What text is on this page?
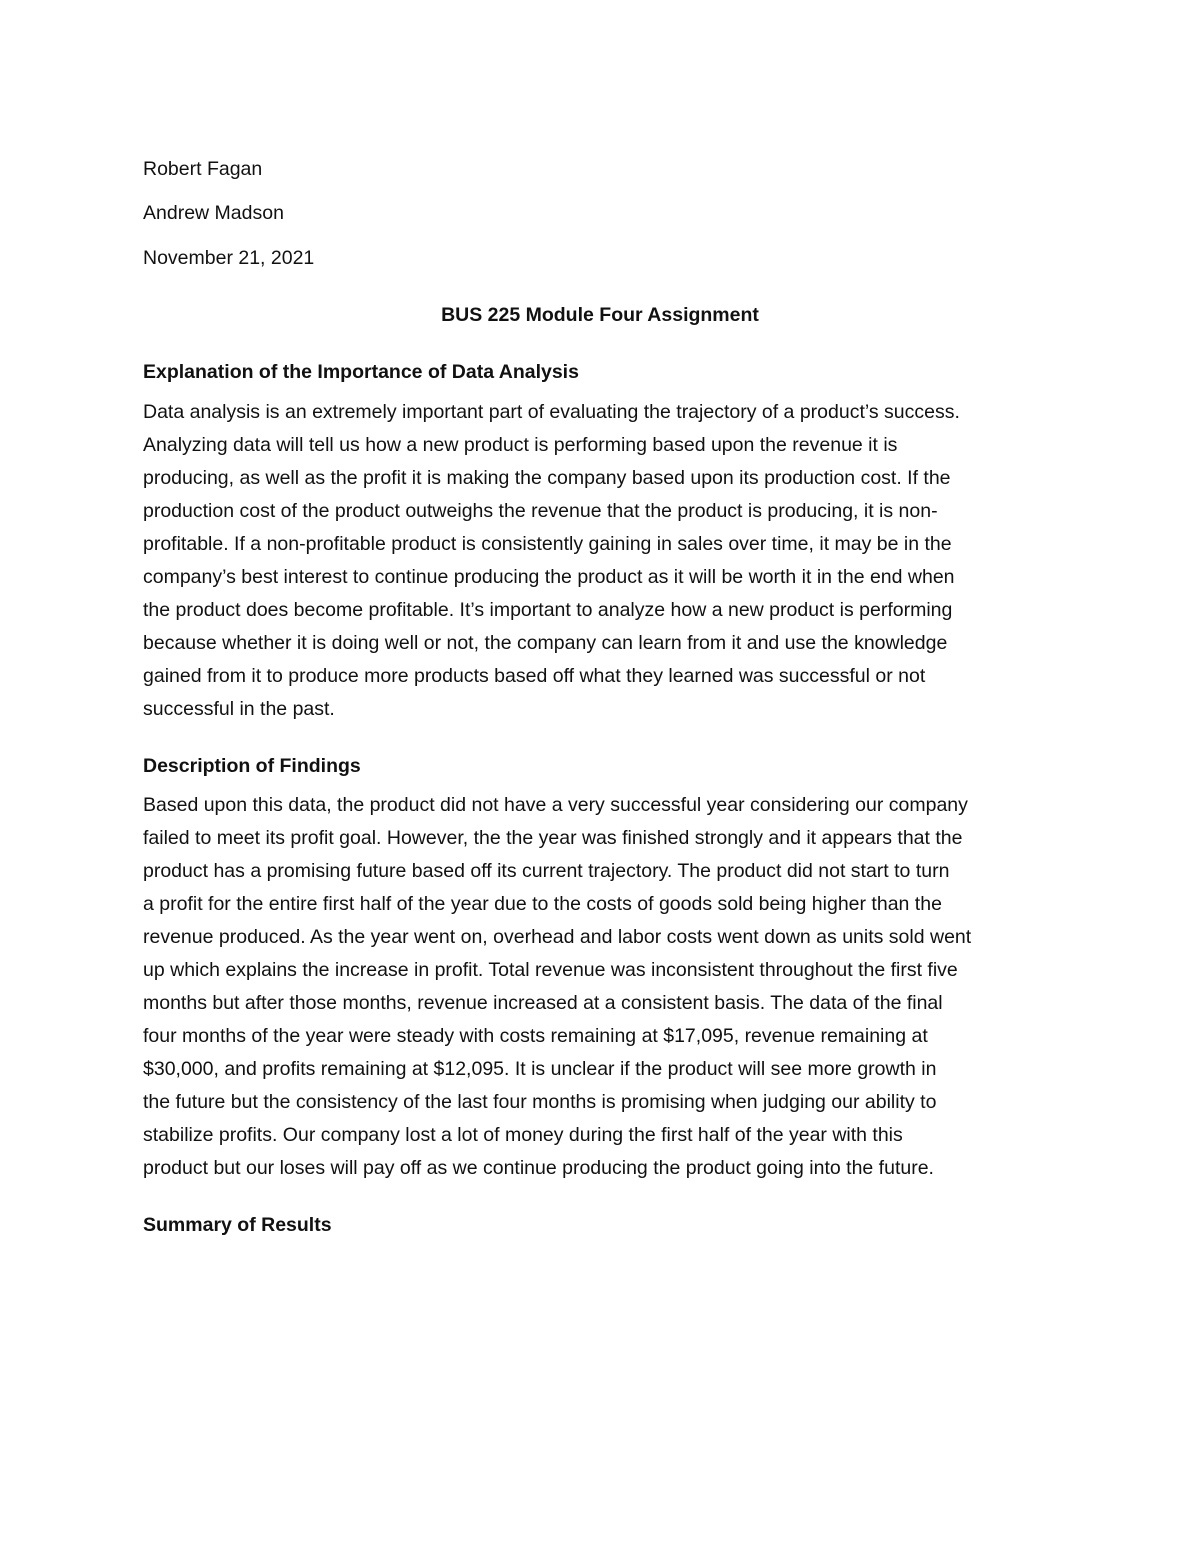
Robert Fagan

Andrew Madson

November 21, 2021

BUS 225 Module Four Assignment
Explanation of the Importance of Data Analysis
Data analysis is an extremely important part of evaluating the trajectory of a product’s success.
Analyzing data will tell us how a new product is performing based upon the revenue it is
producing, as well as the profit it is making the company based upon its production cost. If the
production cost of the product outweighs the revenue that the product is producing, it is non-
profitable. If a non-profitable product is consistently gaining in sales over time, it may be in the
company’s best interest to continue producing the product as it will be worth it in the end when
the product does become profitable. It’s important to analyze how a new product is performing
because whether it is doing well or not, the company can learn from it and use the knowledge
gained from it to produce more products based off what they learned was successful or not
successful in the past.
Description of Findings
Based upon this data, the product did not have a very successful year considering our company
failed to meet its profit goal. However, the the year was finished strongly and it appears that the
product has a promising future based off its current trajectory. The product did not start to turn
a profit for the entire first half of the year due to the costs of goods sold being higher than the
revenue produced. As the year went on, overhead and labor costs went down as units sold went
up which explains the increase in profit. Total revenue was inconsistent throughout the first five
months but after those months, revenue increased at a consistent basis. The data of the final
four months of the year were steady with costs remaining at $17,095, revenue remaining at
$30,000, and profits remaining at $12,095. It is unclear if the product will see more growth in
the future but the consistency of the last four months is promising when judging our ability to
stabilize profits. Our company lost a lot of money during the first half of the year with this
product but our loses will pay off as we continue producing the product going into the future.
Summary of Results
